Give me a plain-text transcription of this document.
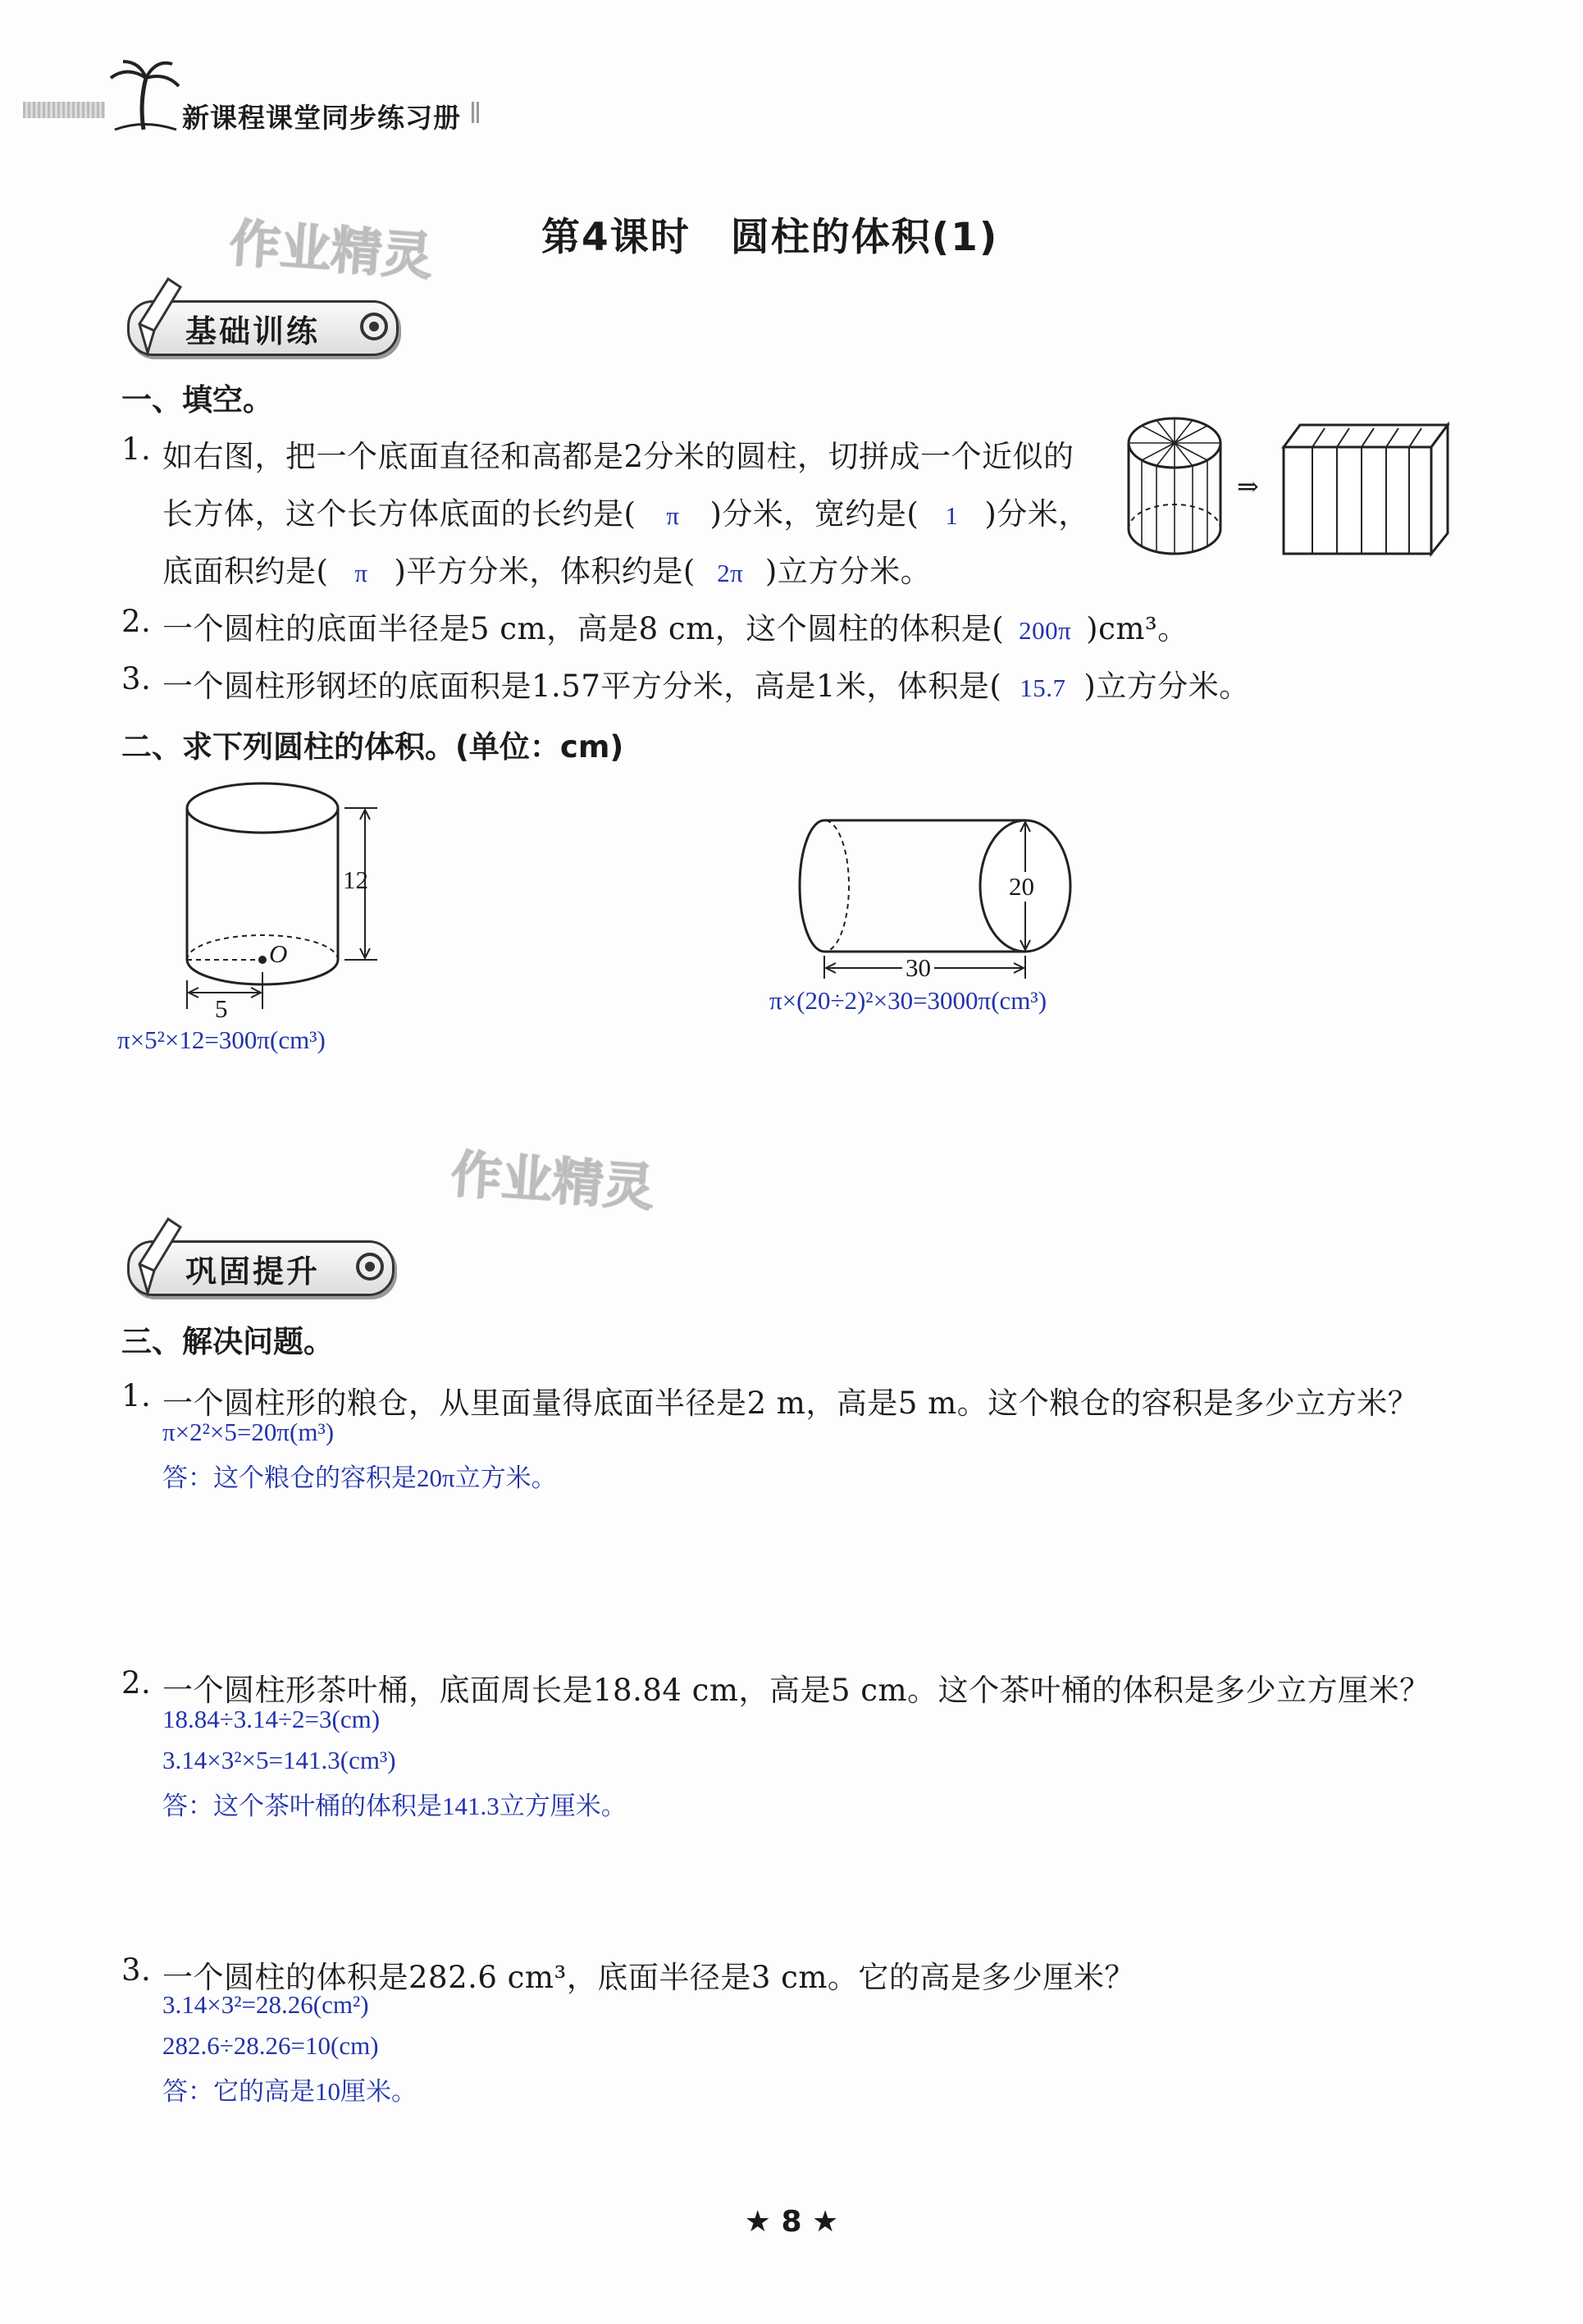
新课程课堂同步练习册
作业精灵
作业精灵
第4课时　圆柱的体积(1)
基础训练
一、填空。
1. 如右图，把一个底面直径和高都是2分米的圆柱，切拼成一个近似的
长方体，这个长方体底面的长约是( π )分米，宽约是( 1 )分米，
底面积约是( π )平方分米，体积约是( 2π )立方分米。
⇒
2. 一个圆柱的底面半径是5 cm，高是8 cm，这个圆柱的体积是( 200π )cm³。
3. 一个圆柱形钢坯的底面积是1.57平方分米，高是1米，体积是( 15.7 )立方分米。
二、求下列圆柱的体积。(单位：cm)
12
O
5
π×5²×12=300π(cm³)
20
30
π×(20÷2)²×30=3000π(cm³)
巩固提升
三、解决问题。
1. 一个圆柱形的粮仓，从里面量得底面半径是2 m，高是5 m。这个粮仓的容积是多少立方米？
π×2²×5=20π(m³)
答：这个粮仓的容积是20π立方米。
2. 一个圆柱形茶叶桶，底面周长是18.84 cm，高是5 cm。这个茶叶桶的体积是多少立方厘米？
18.84÷3.14÷2=3(cm)
3.14×3²×5=141.3(cm³)
答：这个茶叶桶的体积是141.3立方厘米。
3. 一个圆柱的体积是282.6 cm³，底面半径是3 cm。它的高是多少厘米？
3.14×3²=28.26(cm²)
282.6÷28.26=10(cm)
答：它的高是10厘米。
★ 8 ★
